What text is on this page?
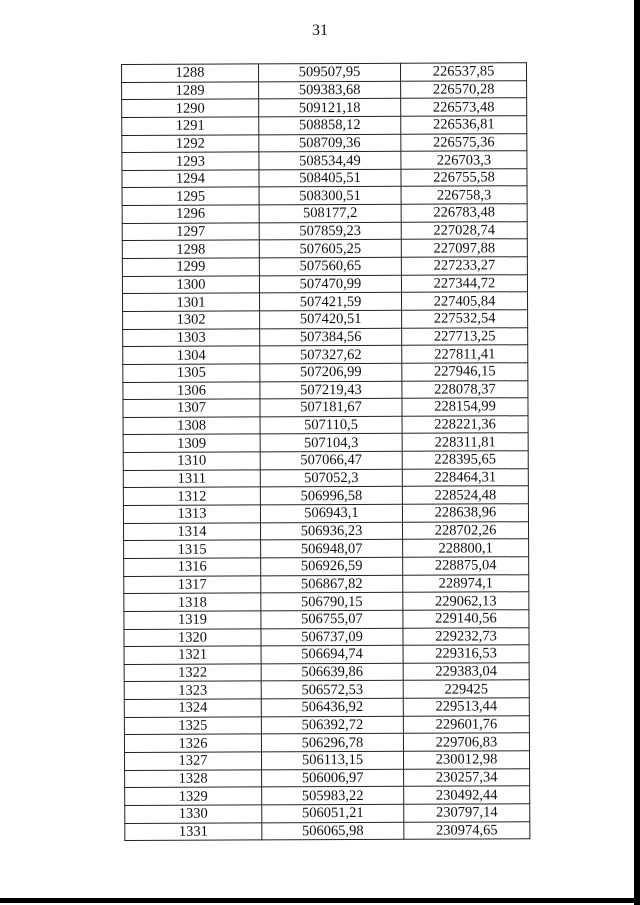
31
1288	509507,95	226537,85
1289	509383,68	226570,28
1290	509121,18	226573,48
1291	508858,12	226536,81
1292	508709,36	226575,36
1293	508534,49	226703,3
1294	508405,51	226755,58
1295	508300,51	226758,3
1296	508177,2	226783,48
1297	507859,23	227028,74
1298	507605,25	227097,88
1299	507560,65	227233,27
1300	507470,99	227344,72
1301	507421,59	227405,84
1302	507420,51	227532,54
1303	507384,56	227713,25
1304	507327,62	227811,41
1305	507206,99	227946,15
1306	507219,43	228078,37
1307	507181,67	228154,99
1308	507110,5	228221,36
1309	507104,3	228311,81
1310	507066,47	228395,65
1311	507052,3	228464,31
1312	506996,58	228524,48
1313	506943,1	228638,96
1314	506936,23	228702,26
1315	506948,07	228800,1
1316	506926,59	228875,04
1317	506867,82	228974,1
1318	506790,15	229062,13
1319	506755,07	229140,56
1320	506737,09	229232,73
1321	506694,74	229316,53
1322	506639,86	229383,04
1323	506572,53	229425
1324	506436,92	229513,44
1325	506392,72	229601,76
1326	506296,78	229706,83
1327	506113,15	230012,98
1328	506006,97	230257,34
1329	505983,22	230492,44
1330	506051,21	230797,14
1331	506065,98	230974,65
